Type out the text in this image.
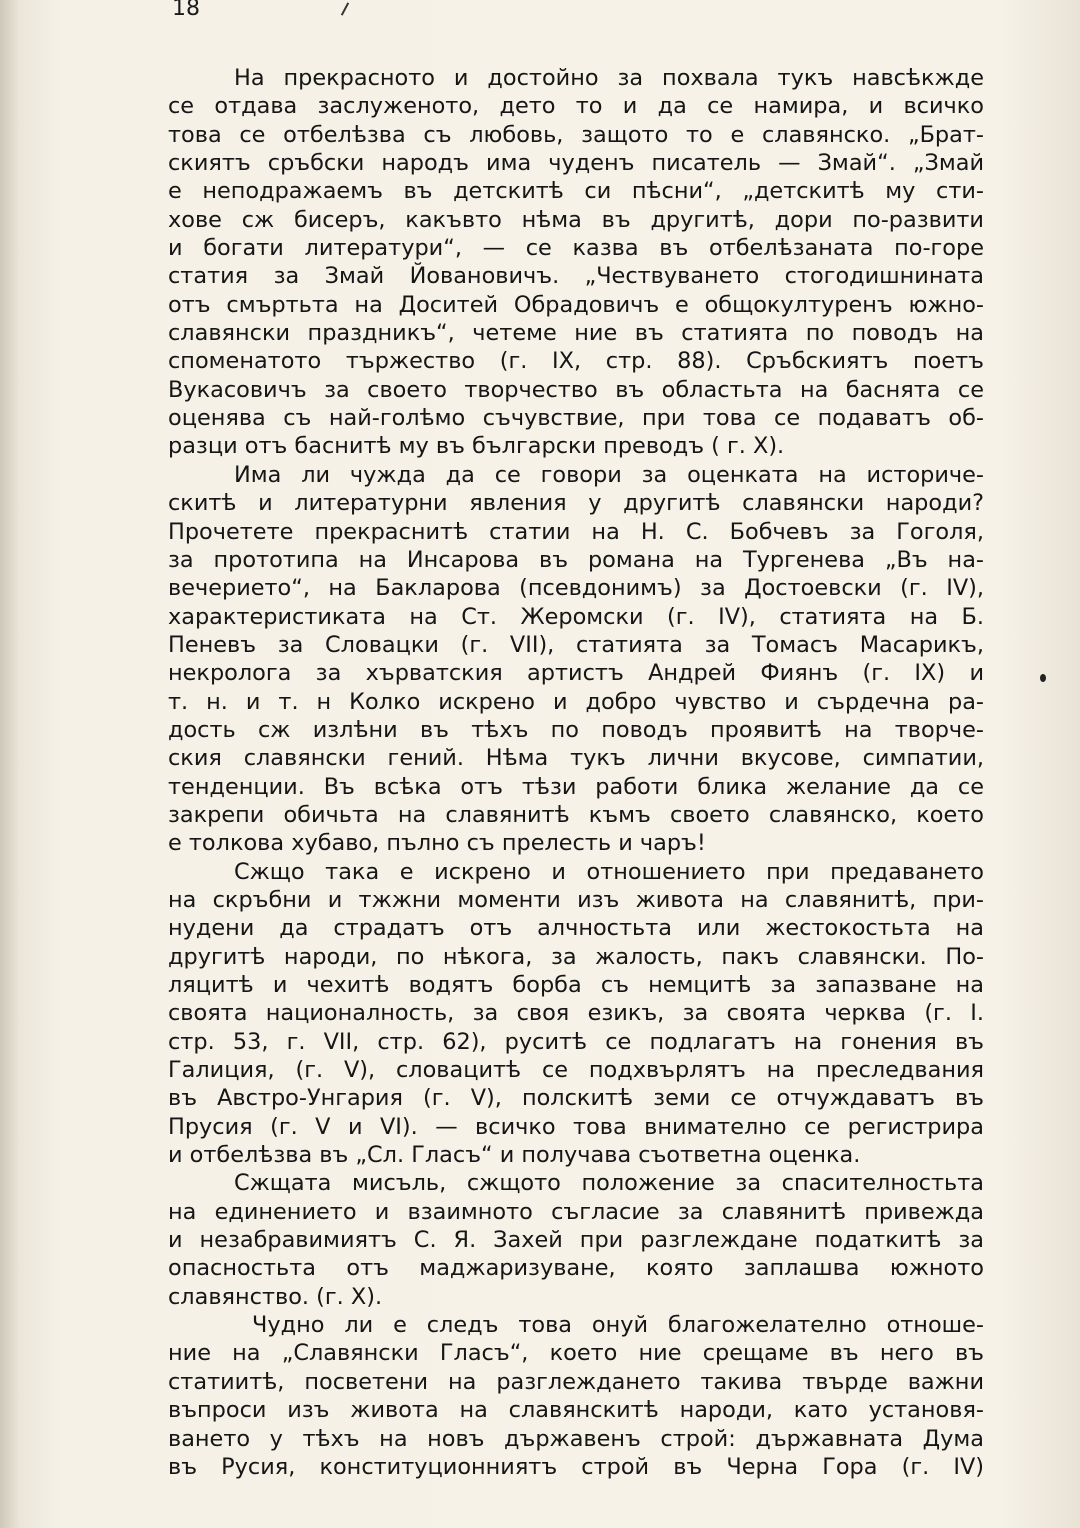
18
На прекрасното и достойно за похвала тукъ навсѣкжде
се отдава заслуженото, дето то и да се намира, и всичко
това се отбелѣзва съ любовь, защото то е славянско. „Брат-
скиятъ сръбски народъ има чуденъ писатель — Змай“. „Змай
е неподражаемъ въ детскитѣ си пѣсни“, „детскитѣ му сти-
хове сж бисеръ, какъвто нѣма въ другитѣ, дори по-развити
и богати литератури“, — се казва въ отбелѣзаната по-горе
статия за Змай Йовановичъ. „Чествуването стогодишнината
отъ смъртьта на Доситей Обрадовичъ е общокултуренъ южно-
славянски праздникъ“, четеме ние въ статията по поводъ на
споменатото тържество (г. IX, стр. 88). Сръбскиятъ поетъ
Вукасовичъ за своето творчество въ областьта на баснята се
оценява съ най-голѣмо съчувствие, при това се подаватъ об-
разци отъ баснитѣ му въ български преводъ ( г. X).
Има ли чужда да се говори за оценката на историче-
скитѣ и литературни явления у другитѣ славянски народи?
Прочетете прекраснитѣ статии на Н. С. Бобчевъ за Гоголя,
за прототипа на Инсарова въ романа на Тургенева „Въ на-
вечерието“, на Бакларова (псевдонимъ) за Достоевски (г. IV),
характеристиката на Ст. Жеромски (г. IV), статията на Б.
Пеневъ за Словацки (г. VII), статията за Томасъ Масарикъ,
некролога за хърватския артистъ Андрей Фиянъ (г. IX) и
т. н. и т. н Колко искрено и добро чувство и сърдечна ра-
дость сж излѣни въ тѣхъ по поводъ проявитѣ на творче-
ския славянски гений. Нѣма тукъ лични вкусове, симпатии,
тенденции. Въ всѣка отъ тѣзи работи блика желание да се
закрепи обичьта на славянитѣ къмъ своето славянско, което
е толкова хубаво, пълно съ прелесть и чаръ!
Сжщо така е искрено и отношението при предаването
на скръбни и тжжни моменти изъ живота на славянитѣ, при-
нудени да страдатъ отъ алчностьта или жестокостьта на
другитѣ народи, по нѣкога, за жалость, пакъ славянски. По-
ляцитѣ и чехитѣ водятъ борба съ немцитѣ за запазване на
своята националность, за своя езикъ, за своята черква (г. I.
стр. 53, г. VII, стр. 62), руситѣ се подлагатъ на гонения въ
Галиция, (г. V), словацитѣ се подхвърлятъ на преследвания
въ Австро-Унгария (г. V), полскитѣ земи се отчуждаватъ въ
Прусия (г. V и VI). — всичко това внимателно се регистрира
и отбелѣзва въ „Сл. Гласъ“ и получава съответна оценка.
Сжщата мисъль, сжщото положение за спасителностьта
на единението и взаимното съгласие за славянитѣ привежда
и незабравимиятъ С. Я. Захей при разглеждане податкитѣ за
опасностьта отъ маджаризуване, която заплашва южното
славянство. (г. X).
Чудно ли е следъ това онуй благожелателно отноше-
ние на „Славянски Гласъ“, което ние срещаме въ него въ
статиитѣ, посветени на разглеждането такива твърде важни
въпроси изъ живота на славянскитѣ народи, като установя-
ването у тѣхъ на новъ държавенъ строй: държавната Дума
въ Русия, конституционниятъ строй въ Черна Гора (г. IV)
